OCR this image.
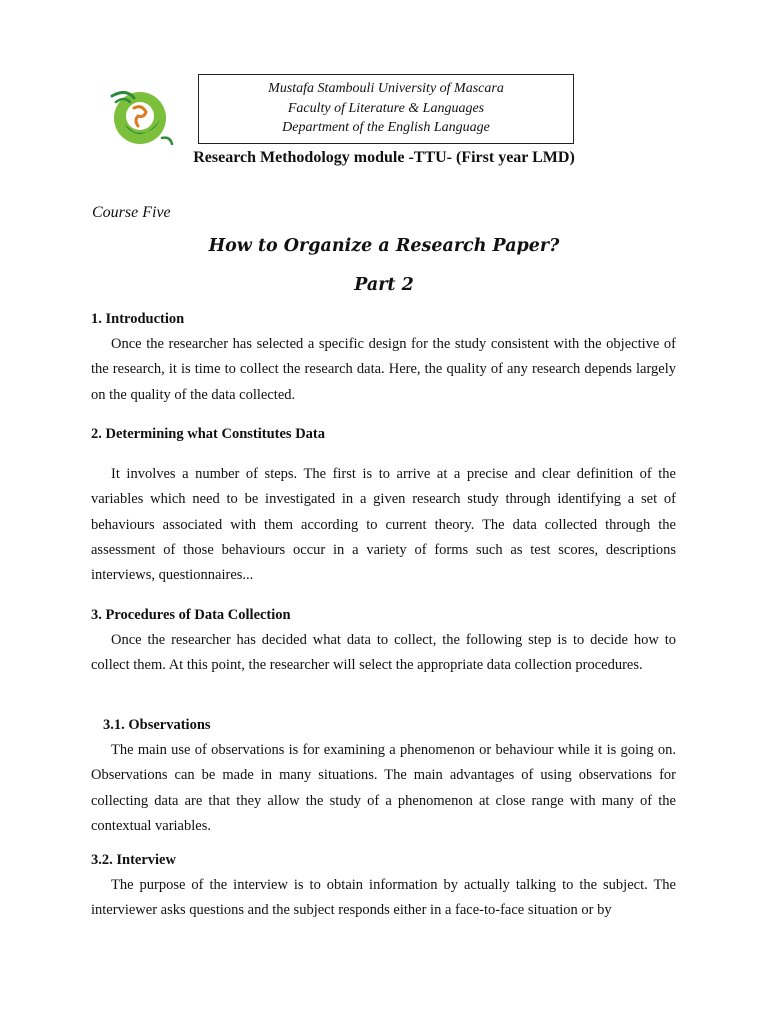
Mustafa Stambouli University of Mascara
Faculty of Literature & Languages
Department of the English Language
Research Methodology module -TTU- (First year LMD)
Course Five
How to Organize a Research Paper?
Part 2
1. Introduction

Once the researcher has selected a specific design for the study consistent with the objective of the research, it is time to collect the research data. Here, the quality of any research depends largely on the quality of the data collected.

2. Determining what Constitutes Data

It involves a number of steps. The first is to arrive at a precise and clear definition of the variables which need to be investigated in a given research study through identifying a set of behaviours associated with them according to current theory. The data collected through the assessment of those behaviours occur in a variety of forms such as test scores, descriptions interviews, questionnaires...

3. Procedures of Data Collection

Once the researcher has decided what data to collect, the following step is to decide how to collect them. At this point, the researcher will select the appropriate data collection procedures.

3.1. Observations

The main use of observations is for examining a phenomenon or behaviour while it is going on. Observations can be made in many situations. The main advantages of using observations for collecting data are that they allow the study of a phenomenon at close range with many of the contextual variables.

3.2. Interview

The purpose of the interview is to obtain information by actually talking to the subject. The interviewer asks questions and the subject responds either in a face-to-face situation or by
